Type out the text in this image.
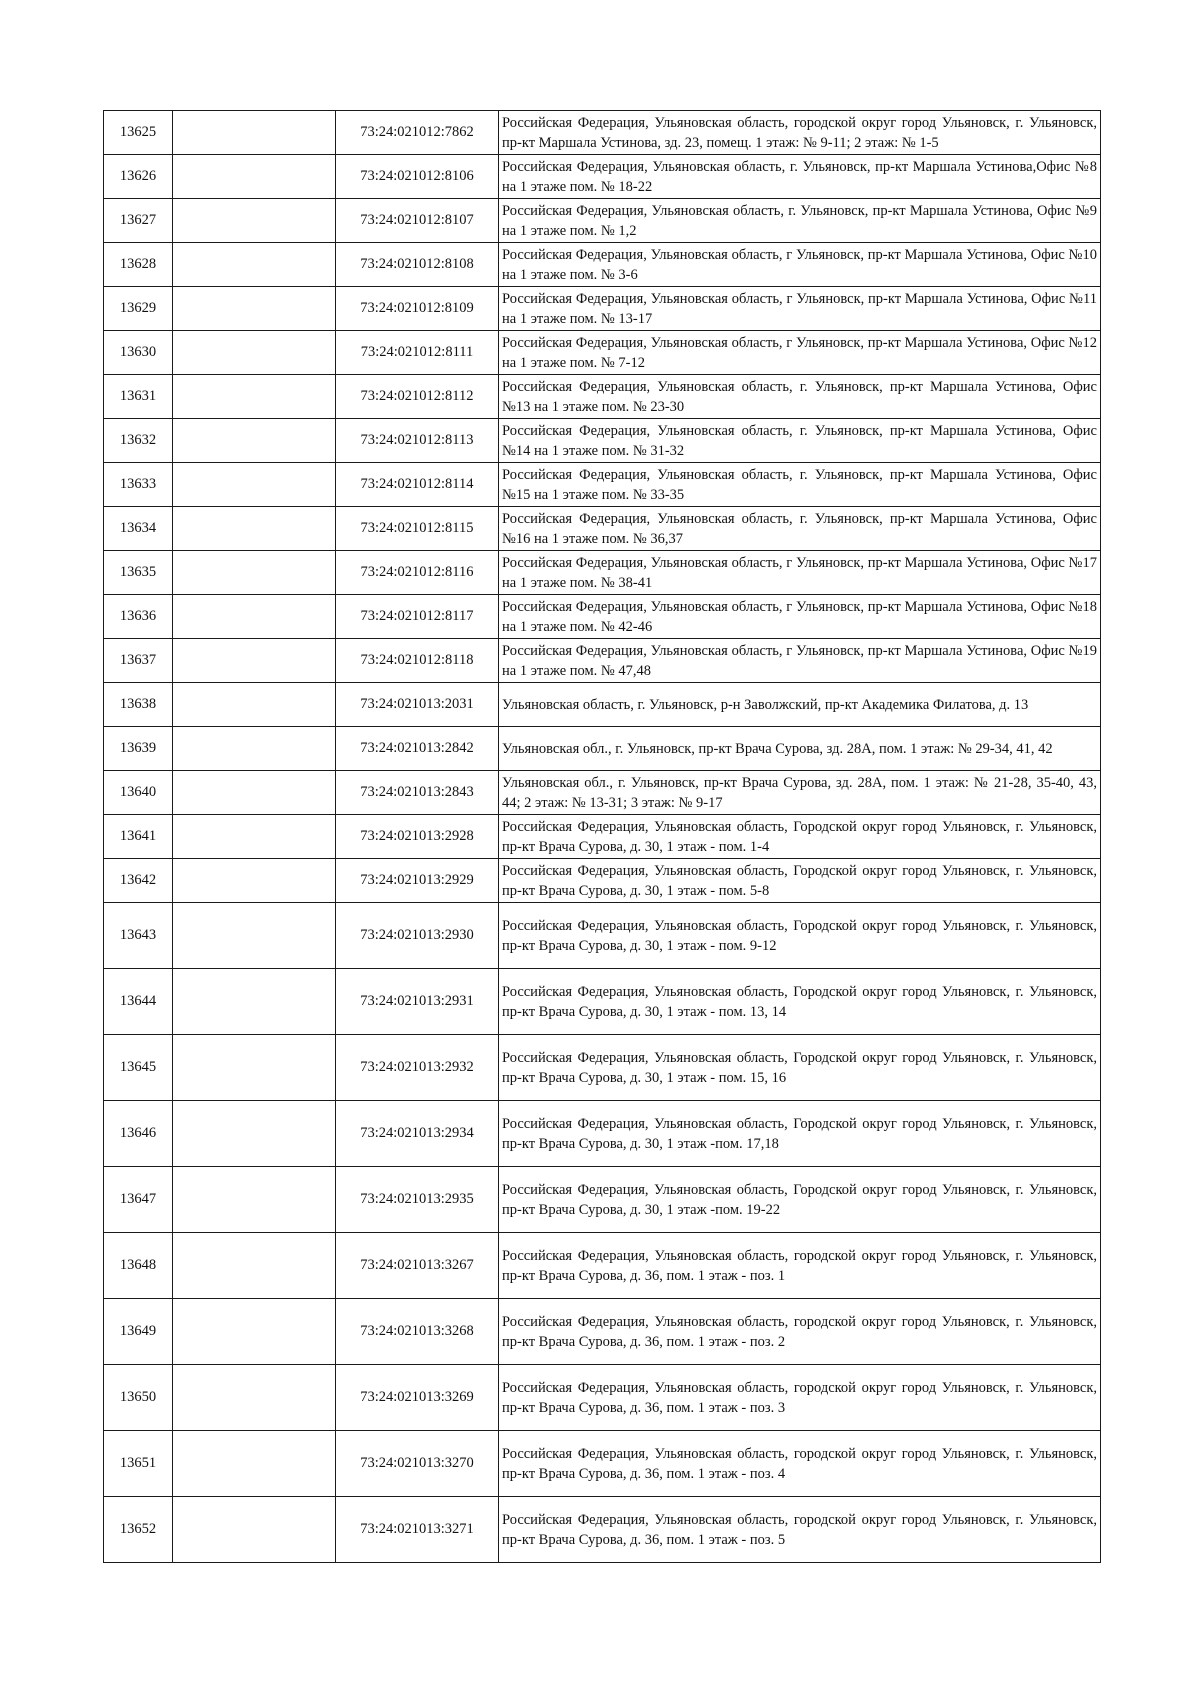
13625		73:24:021012:7862	Российская Федерация, Ульяновская область, городской округ город Ульяновск, г. Ульяновск, пр-кт Маршала Устинова, зд. 23, помещ. 1 этаж: № 9-11; 2 этаж: № 1-5
13626		73:24:021012:8106	Российская Федерация, Ульяновская область, г. Ульяновск, пр-кт Маршала Устинова,Офис №8 на 1 этаже пом. № 18-22
13627		73:24:021012:8107	Российская Федерация, Ульяновская область, г. Ульяновск, пр-кт Маршала Устинова, Офис №9 на 1 этаже пом. № 1,2
13628		73:24:021012:8108	Российская Федерация, Ульяновская область, г Ульяновск, пр-кт Маршала Устинова, Офис №10 на 1 этаже пом. № 3-6
13629		73:24:021012:8109	Российская Федерация, Ульяновская область, г Ульяновск, пр-кт Маршала Устинова, Офис №11 на 1 этаже пом. № 13-17
13630		73:24:021012:8111	Российская Федерация, Ульяновская область, г Ульяновск, пр-кт Маршала Устинова, Офис №12 на 1 этаже пом. № 7-12
13631		73:24:021012:8112	Российская Федерация, Ульяновская область, г. Ульяновск, пр-кт Маршала Устинова, Офис №13 на 1 этаже пом. № 23-30
13632		73:24:021012:8113	Российская Федерация, Ульяновская область, г. Ульяновск, пр-кт Маршала Устинова, Офис №14 на 1 этаже пом. № 31-32
13633		73:24:021012:8114	Российская Федерация, Ульяновская область, г. Ульяновск, пр-кт Маршала Устинова, Офис №15 на 1 этаже пом. № 33-35
13634		73:24:021012:8115	Российская Федерация, Ульяновская область, г. Ульяновск, пр-кт Маршала Устинова, Офис №16 на 1 этаже пом. № 36,37
13635		73:24:021012:8116	Российская Федерация, Ульяновская область, г Ульяновск, пр-кт Маршала Устинова, Офис №17 на 1 этаже пом. № 38-41
13636		73:24:021012:8117	Российская Федерация, Ульяновская область, г Ульяновск, пр-кт Маршала Устинова, Офис №18 на 1 этаже пом. № 42-46
13637		73:24:021012:8118	Российская Федерация, Ульяновская область, г Ульяновск, пр-кт Маршала Устинова, Офис №19 на 1 этаже пом. № 47,48
13638		73:24:021013:2031	Ульяновская область, г. Ульяновск, р-н Заволжский, пр-кт Академика Филатова, д. 13
13639		73:24:021013:2842	Ульяновская обл., г. Ульяновск, пр-кт Врача Сурова, зд. 28А, пом. 1 этаж: № 29-34, 41, 42
13640		73:24:021013:2843	Ульяновская обл., г. Ульяновск, пр-кт Врача Сурова, зд. 28А, пом. 1 этаж: № 21-28, 35-40, 43, 44; 2 этаж: № 13-31; 3 этаж: № 9-17
13641		73:24:021013:2928	Российская Федерация, Ульяновская область, Городской округ город Ульяновск, г. Ульяновск, пр-кт Врача Сурова, д. 30, 1 этаж - пом. 1-4
13642		73:24:021013:2929	Российская Федерация, Ульяновская область, Городской округ город Ульяновск, г. Ульяновск, пр-кт Врача Сурова, д. 30, 1 этаж - пом. 5-8
13643		73:24:021013:2930	Российская Федерация, Ульяновская область, Городской округ город Ульяновск, г. Ульяновск, пр-кт Врача Сурова, д. 30, 1 этаж - пом. 9-12
13644		73:24:021013:2931	Российская Федерация, Ульяновская область, Городской округ город Ульяновск, г. Ульяновск, пр-кт Врача Сурова, д. 30, 1 этаж - пом. 13, 14
13645		73:24:021013:2932	Российская Федерация, Ульяновская область, Городской округ город Ульяновск, г. Ульяновск, пр-кт Врача Сурова, д. 30, 1 этаж - пом. 15, 16
13646		73:24:021013:2934	Российская Федерация, Ульяновская область, Городской округ город Ульяновск, г. Ульяновск, пр-кт Врача Сурова, д. 30, 1 этаж -пом. 17,18
13647		73:24:021013:2935	Российская Федерация, Ульяновская область, Городской округ город Ульяновск, г. Ульяновск, пр-кт Врача Сурова, д. 30, 1 этаж -пом. 19-22
13648		73:24:021013:3267	Российская Федерация, Ульяновская область, городской округ город Ульяновск, г. Ульяновск, пр-кт Врача Сурова, д. 36, пом. 1 этаж - поз. 1
13649		73:24:021013:3268	Российская Федерация, Ульяновская область, городской округ город Ульяновск, г. Ульяновск, пр-кт Врача Сурова, д. 36, пом. 1 этаж - поз. 2
13650		73:24:021013:3269	Российская Федерация, Ульяновская область, городской округ город Ульяновск, г. Ульяновск, пр-кт Врача Сурова, д. 36, пом. 1 этаж - поз. 3
13651		73:24:021013:3270	Российская Федерация, Ульяновская область, городской округ город Ульяновск, г. Ульяновск, пр-кт Врача Сурова, д. 36, пом. 1 этаж - поз. 4
13652		73:24:021013:3271	Российская Федерация, Ульяновская область, городской округ город Ульяновск, г. Ульяновск, пр-кт Врача Сурова, д. 36, пом. 1 этаж - поз. 5
